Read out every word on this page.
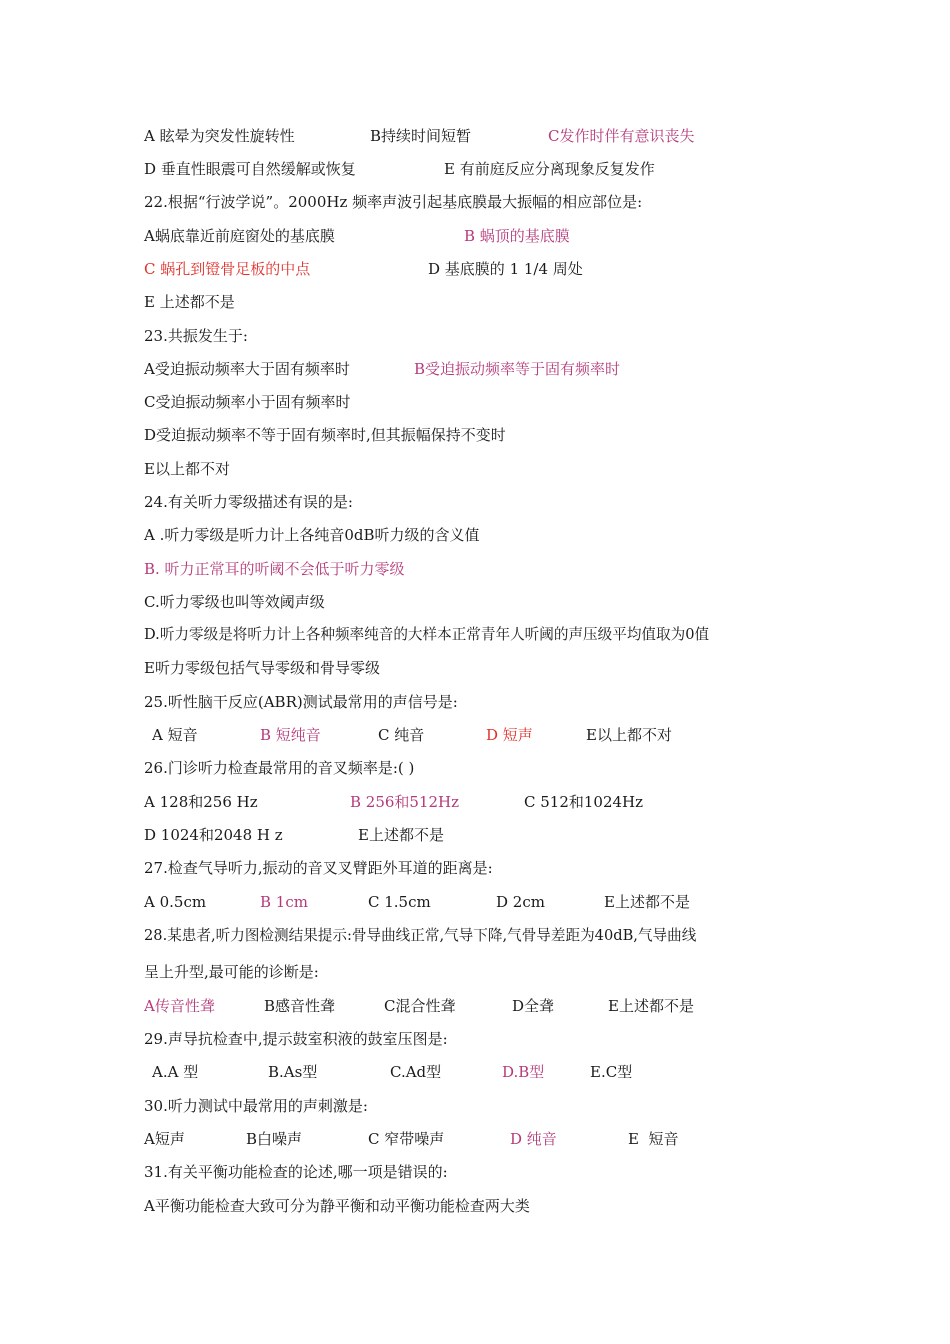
A 眩晕为突发性旋转性	B持续时间短暂	C发作时伴有意识丧失
D 垂直性眼震可自然缓解或恢复	E 有前庭反应分离现象反复发作
22.根据“行波学说”。2000Hz 频率声波引起基底膜最大振幅的相应部位是:
A蜗底靠近前庭窗处的基底膜	B 蜗顶的基底膜
C 蜗孔到镫骨足板的中点	D 基底膜的 1 1/4 周处
E 上述都不是
23.共振发生于:
A受迫振动频率大于固有频率时	B受迫振动频率等于固有频率时
C受迫振动频率小于固有频率时
D受迫振动频率不等于固有频率时,但其振幅保持不变时
E以上都不对
24.有关听力零级描述有误的是:
A .听力零级是听力计上各纯音0dB听力级的含义值
B. 听力正常耳的听阈不会低于听力零级
C.听力零级也叫等效阈声级
D.听力零级是将听力计上各种频率纯音的大样本正常青年人听阈的声压级平均值取为0值
E听力零级包括气导零级和骨导零级
25.听性脑干反应(ABR)测试最常用的声信号是:
A 短音	B 短纯音	C 纯音	D 短声	E以上都不对
26.门诊听力检查最常用的音叉频率是:( )
A 128和256 Hz	B 256和512Hz	C 512和1024Hz
D 1024和2048 H z	E上述都不是
27.检查气导听力,振动的音叉叉臂距外耳道的距离是:
A 0.5cm	B 1cm	C 1.5cm	D 2cm	E上述都不是
28.某患者,听力图检测结果提示:骨导曲线正常,气导下降,气骨导差距为40dB,气导曲线
呈上升型,最可能的诊断是:
A传音性聋	B感音性聋	C混合性聋	D全聋	E上述都不是
29.声导抗检查中,提示鼓室积液的鼓室压图是:
A.A 型	B.As型	C.Ad型	D.B型	E.C型
30.听力测试中最常用的声刺激是:
A短声	B白噪声	C 窄带噪声	D 纯音	E  短音
31.有关平衡功能检查的论述,哪一项是错误的:
A平衡功能检查大致可分为静平衡和动平衡功能检查两大类
